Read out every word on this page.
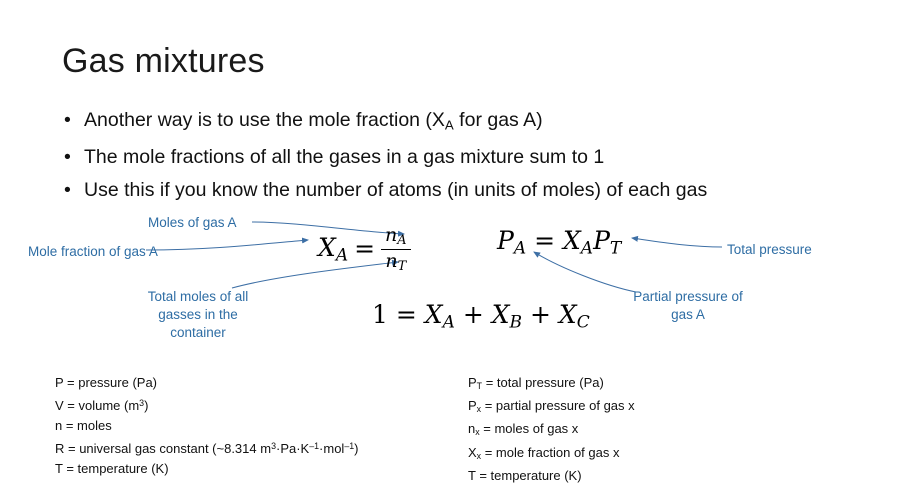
Gas mixtures
• Another way is to use the mole fraction ($X_A$ for gas A)
• The mole fractions of all the gases in a gas mixture sum to 1
• Use this if you know the number of atoms (in units of moles) of each gas
$X_A = \frac{n_A}{n_T}$	$P_A = X_AP_T$
$1 = X_A + X_B + X_C$
Moles of gas A
Mole fraction of gas A	Total pressure
Total moles of all gasses in the container
Partial pressure of gas A
P = pressure (Pa)
V = volume $(m^3)$
n = moles
R = universal gas constant (~8.314 $m^3\cdot Pa\cdot K^{-1}\cdot mol^{-1}$)
T = temperature (K)
$P_T$ = total pressure (Pa)
$P_x$ = partial pressure of gas x
$n_x$ = moles of gas x
$X_x$ = mole fraction of gas x
T = temperature (K)
